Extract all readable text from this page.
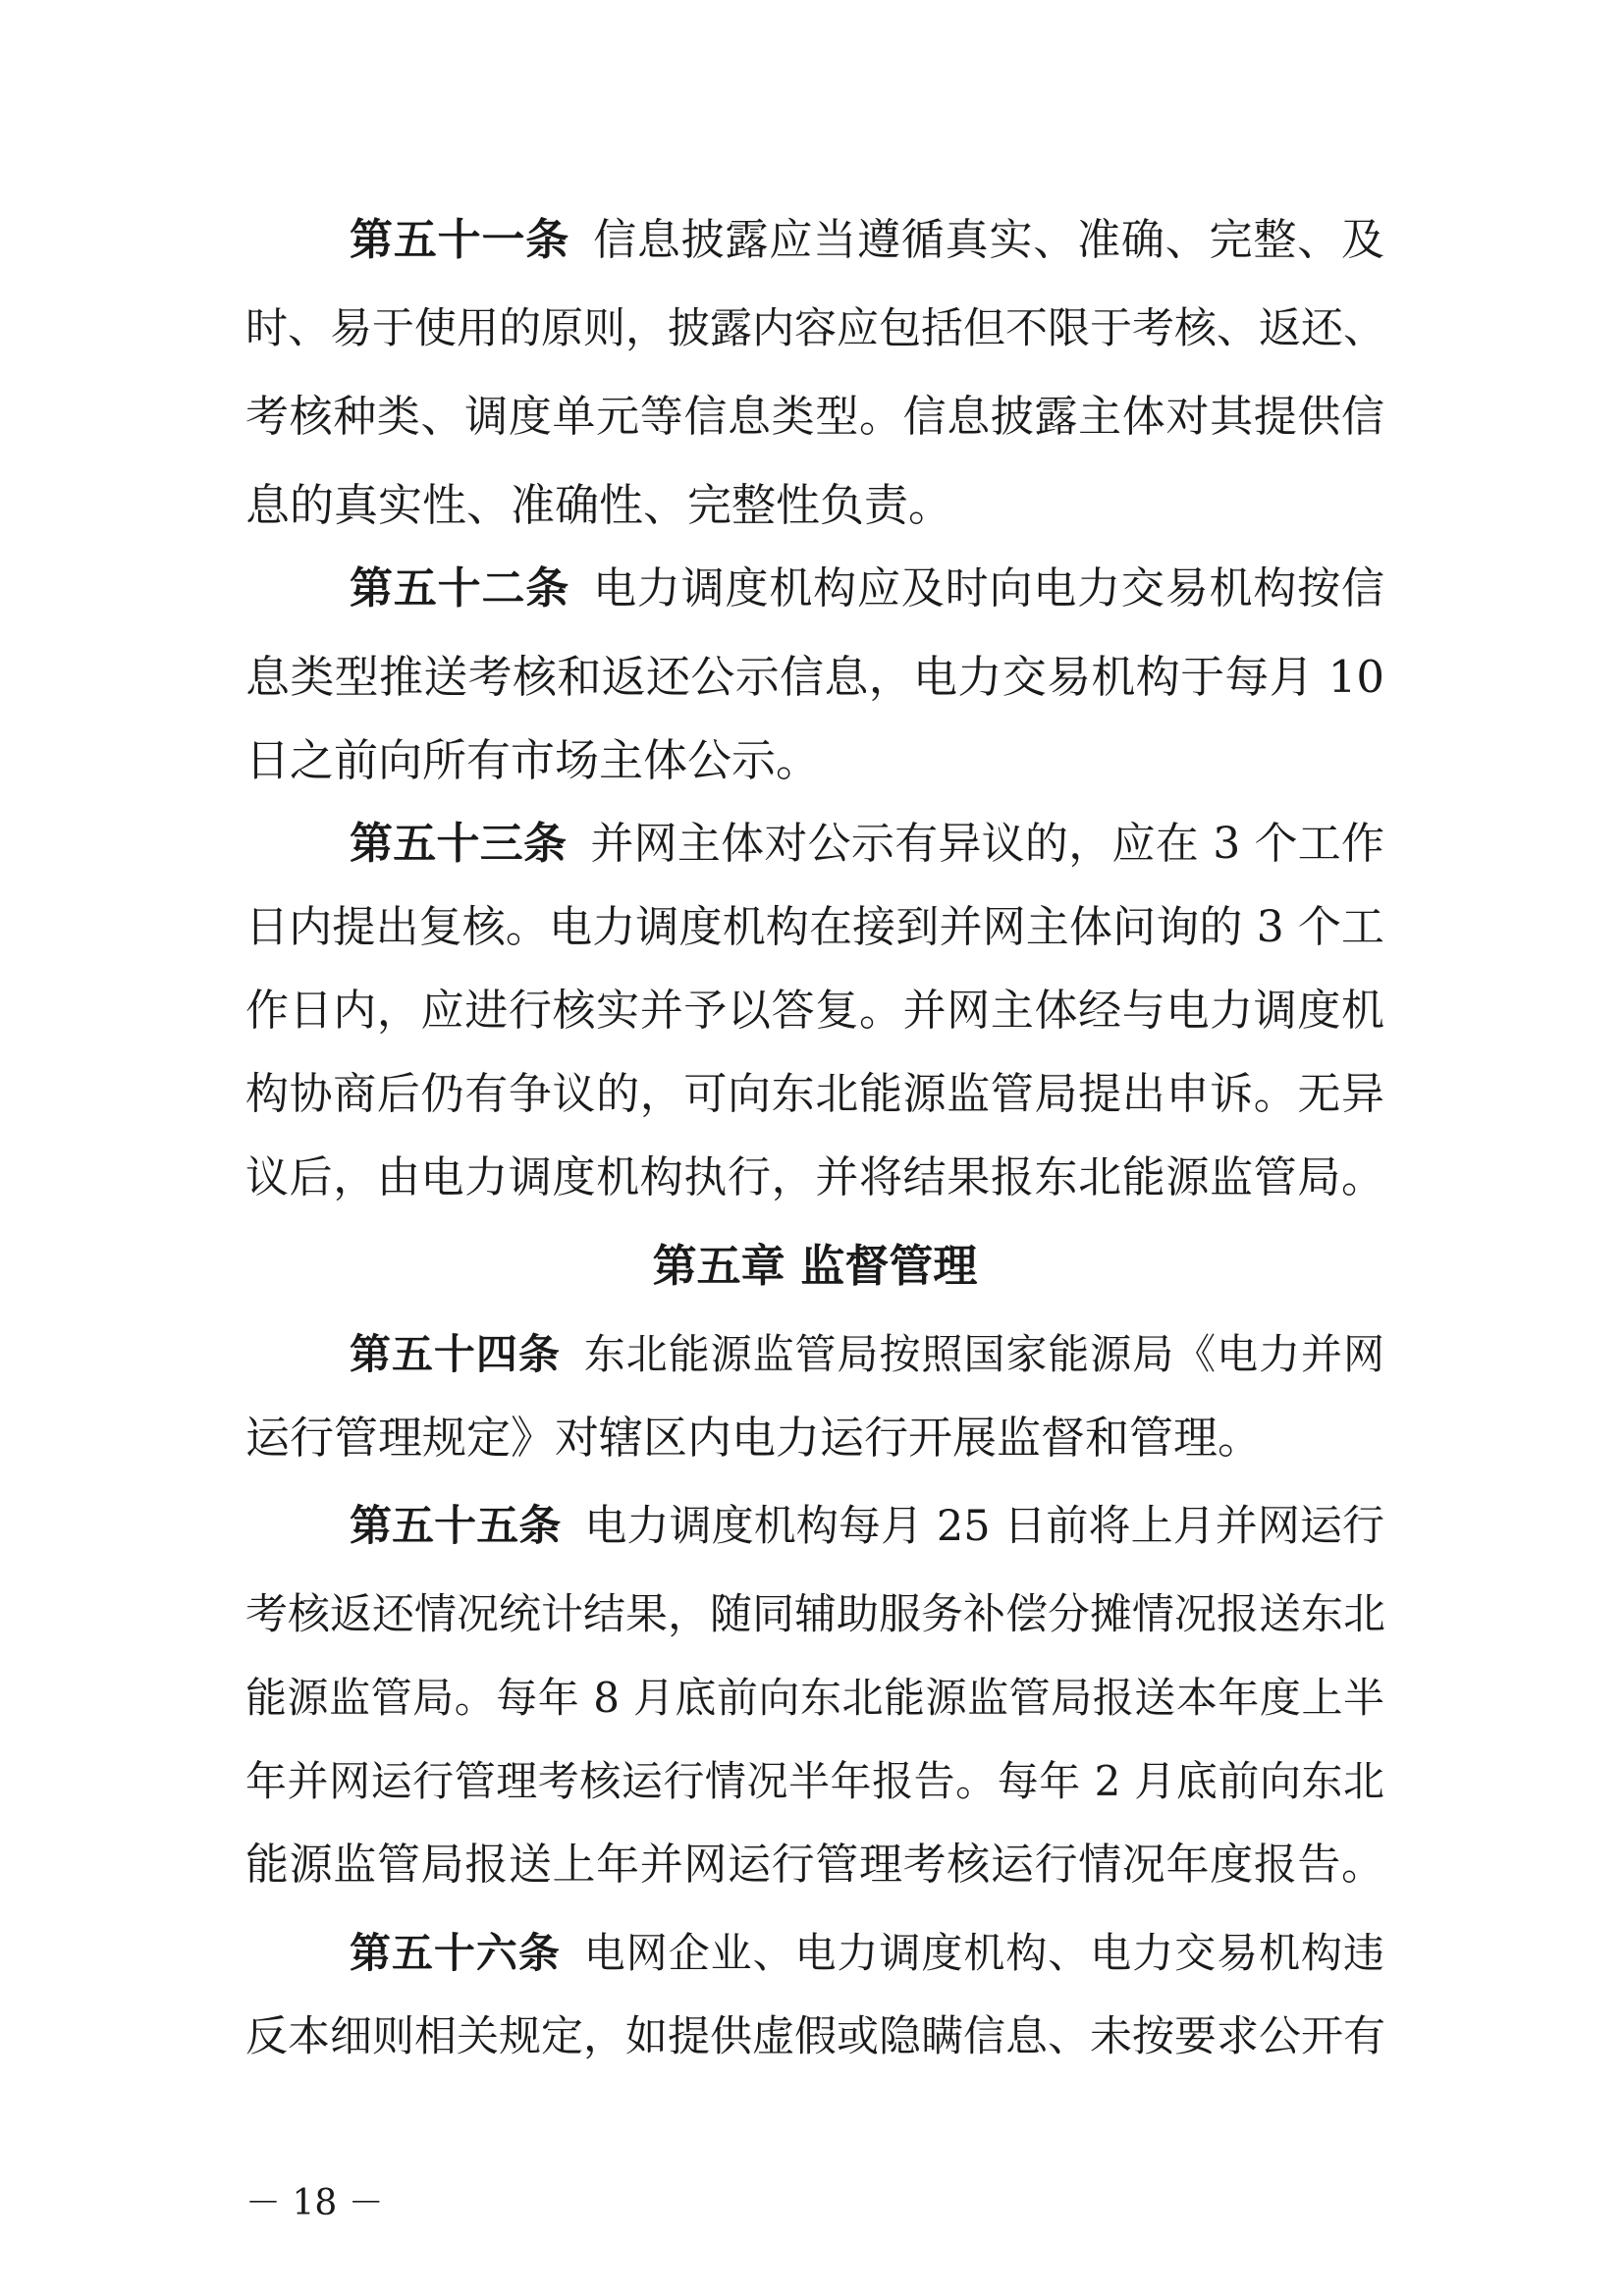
第五十一条 信息披露应当遵循真实、准确、完整、及
时、易于使用的原则，披露内容应包括但不限于考核、返还、
考核种类、调度单元等信息类型。信息披露主体对其提供信
息的真实性、准确性、完整性负责。
第五十二条 电力调度机构应及时向电力交易机构按信
息类型推送考核和返还公示信息，电力交易机构于每月 10
日之前向所有市场主体公示。
第五十三条 并网主体对公示有异议的，应在 3 个工作
日内提出复核。电力调度机构在接到并网主体问询的 3 个工
作日内，应进行核实并予以答复。并网主体经与电力调度机
构协商后仍有争议的，可向东北能源监管局提出申诉。无异
议后，由电力调度机构执行，并将结果报东北能源监管局。
第五章 监督管理
第五十四条 东北能源监管局按照国家能源局《电力并网
运行管理规定》对辖区内电力运行开展监督和管理。
第五十五条 电力调度机构每月 25 日前将上月并网运行
考核返还情况统计结果，随同辅助服务补偿分摊情况报送东北
能源监管局。每年 8 月底前向东北能源监管局报送本年度上半
年并网运行管理考核运行情况半年报告。每年 2 月底前向东北
能源监管局报送上年并网运行管理考核运行情况年度报告。
第五十六条 电网企业、电力调度机构、电力交易机构违
反本细则相关规定，如提供虚假或隐瞒信息、未按要求公开有
－ 18 －
